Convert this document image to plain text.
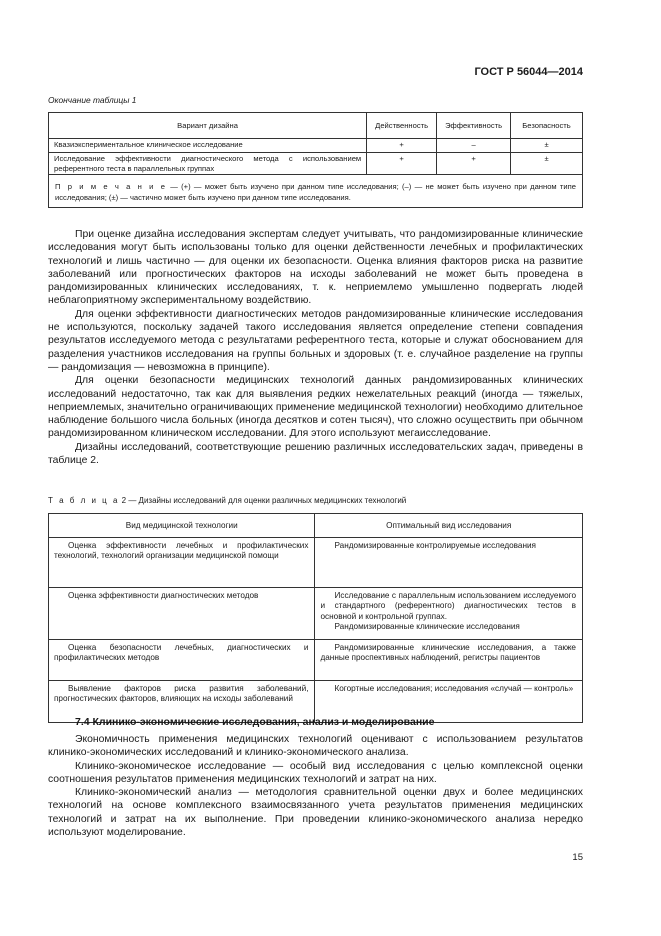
ГОСТ Р 56044—2014
Окончание таблицы 1
Вариант дизайна	Действенность	Эффективность	Безопасность
Квазиэкспериментальное клиническое исследование	+	–	±
Исследование эффективности диагностического метода с использованием референтного теста в параллельных группах	+	+	±
П р и м е ч а н и е — (+) — может быть изучено при данном типе исследования; (–) — не может быть изучено при данном типе исследования; (±) — частично может быть изучено при данном типе исследования.			

При оценке дизайна исследования экспертам следует учитывать, что рандомизированные клинические исследования могут быть использованы только для оценки действенности лечебных и профилактических технологий и лишь частично — для оценки их безопасности. Оценка влияния факторов риска на развитие заболеваний или прогностических факторов на исходы заболеваний не может быть проведена в рандомизированных клинических исследованиях, т. к. неприемлемо умышленно подвергать людей неблагоприятному экспериментальному воздействию.

Для оценки эффективности диагностических методов рандомизированные клинические исследования не используются, поскольку задачей такого исследования является определение степени совпадения результатов исследуемого метода с результатами референтного теста, которые и служат обоснованием для разделения участников исследования на группы больных и здоровых (т. е. случайное разделение на группы — рандомизация — невозможна в принципе).

Для оценки безопасности медицинских технологий данных рандомизированных клинических исследований недостаточно, так как для выявления редких нежелательных реакций (иногда — тяжелых, неприемлемых, значительно ограничивающих применение медицинской технологии) необходимо длительное наблюдение большого числа больных (иногда десятков и сотен тысяч), что сложно осуществить при обычном рандомизированном клиническом исследовании. Для этого используют мегаисследование.

Дизайны исследований, соответствующие решению различных исследовательских задач, приведены в таблице 2.

Т а б л и ц а 2 — Дизайны исследований для оценки различных медицинских технологий
Вид медицинской технологии	Оптимальный вид исследования
Оценка эффективности лечебных и профилактических технологий, технологий организации медицинской помощи	Рандомизированные контролируемые исследования
Оценка эффективности диагностических методов	Исследование с параллельным использованием исследуемого и стандартного (референтного) диагностических тестов в основной и контрольной группах.
Рандомизированные клинические исследования

Оценка безопасности лечебных, диагностических и профилактических методов	Рандомизированные клинические исследования, а также данные проспективных наблюдений, регистры пациентов
Выявление факторов риска развития заболеваний, прогностических факторов, влияющих на исходы заболеваний	Когортные исследования; исследования «случай — контроль»
7.4 Клинико-экономические исследования, анализ и моделирование

Экономичность применения медицинских технологий оценивают с использованием результатов клинико-экономических исследований и клинико-экономического анализа.

Клинико-экономическое исследование — особый вид исследования с целью комплексной оценки соотношения результатов применения медицинских технологий и затрат на них.

Клинико-экономический анализ — методология сравнительной оценки двух и более медицинских технологий на основе комплексного взаимосвязанного учета результатов применения медицинских технологий и затрат на их выполнение. При проведении клинико-экономического анализа нередко используют моделирование.

15
